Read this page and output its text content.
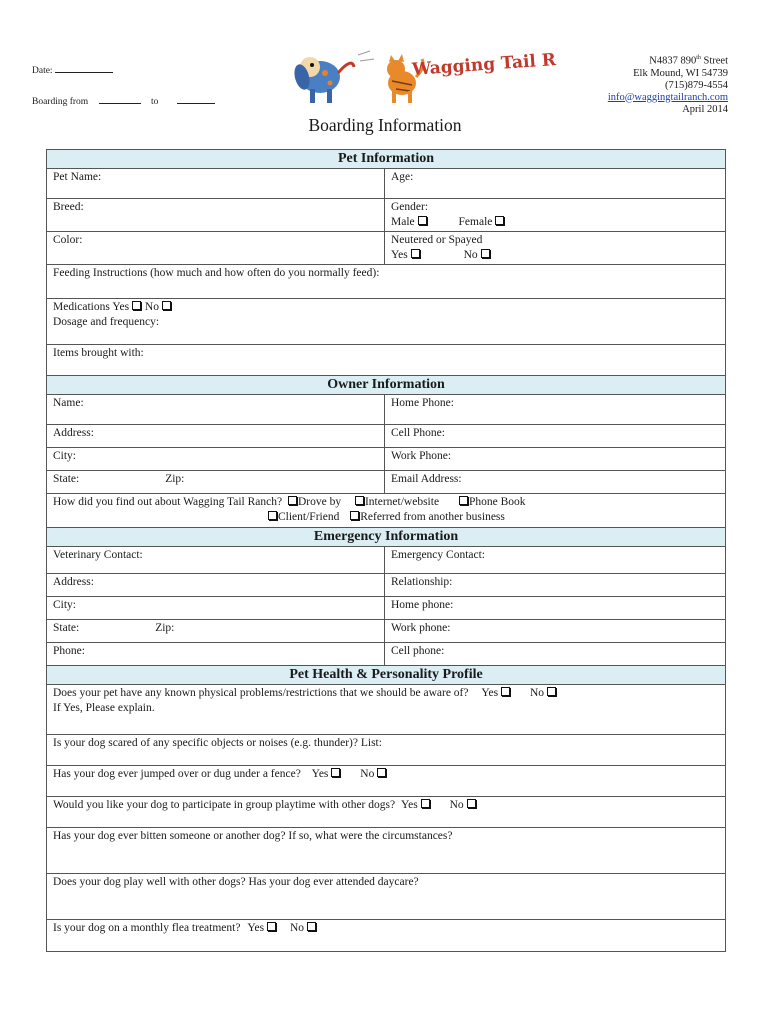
Date:
Boarding from	to
Wagging Tail R	N4837 890th Street
Elk Mound, WI 54739
(715)879-4554
info@waggingtailranch.com
April 2014
Boarding Information
Pet Information	
Pet Name:	Age:
Breed:	Gender:
Male Female

Color:	Neutered or Spayed
Yes No

Feeding Instructions (how much and how often do you normally feed):	

Medications Yes No
Dosage and frequency:	

Items brought with:	
Owner Information	
Name:	Home Phone:
Address:	Cell Phone:
City:	Work Phone:
State: Zip:	Email Address:

How did you find out about Wagging Tail Ranch? Drove by Internet/website Phone Book
Client/Friend Referred from another business	

Emergency Information	
Veterinary Contact:	Emergency Contact:
Address:	Relationship:
City:	Home phone:
State: Zip:	Work phone:
Phone:	Cell phone:
Pet Health & Personality Profile	

Does your pet have any known physical problems/restrictions that we should be aware of? Yes No
If Yes, Please explain.	

Is your dog scared of any specific objects or noises (e.g. thunder)? List:	
Has your dog ever jumped over or dug under a fence? Yes No	
Would you like your dog to participate in group playtime with other dogs? Yes No	
Has your dog ever bitten someone or another dog? If so, what were the circumstances?	
Does your dog play well with other dogs? Has your dog ever attended daycare?	
Is your dog on a monthly flea treatment? Yes No	
